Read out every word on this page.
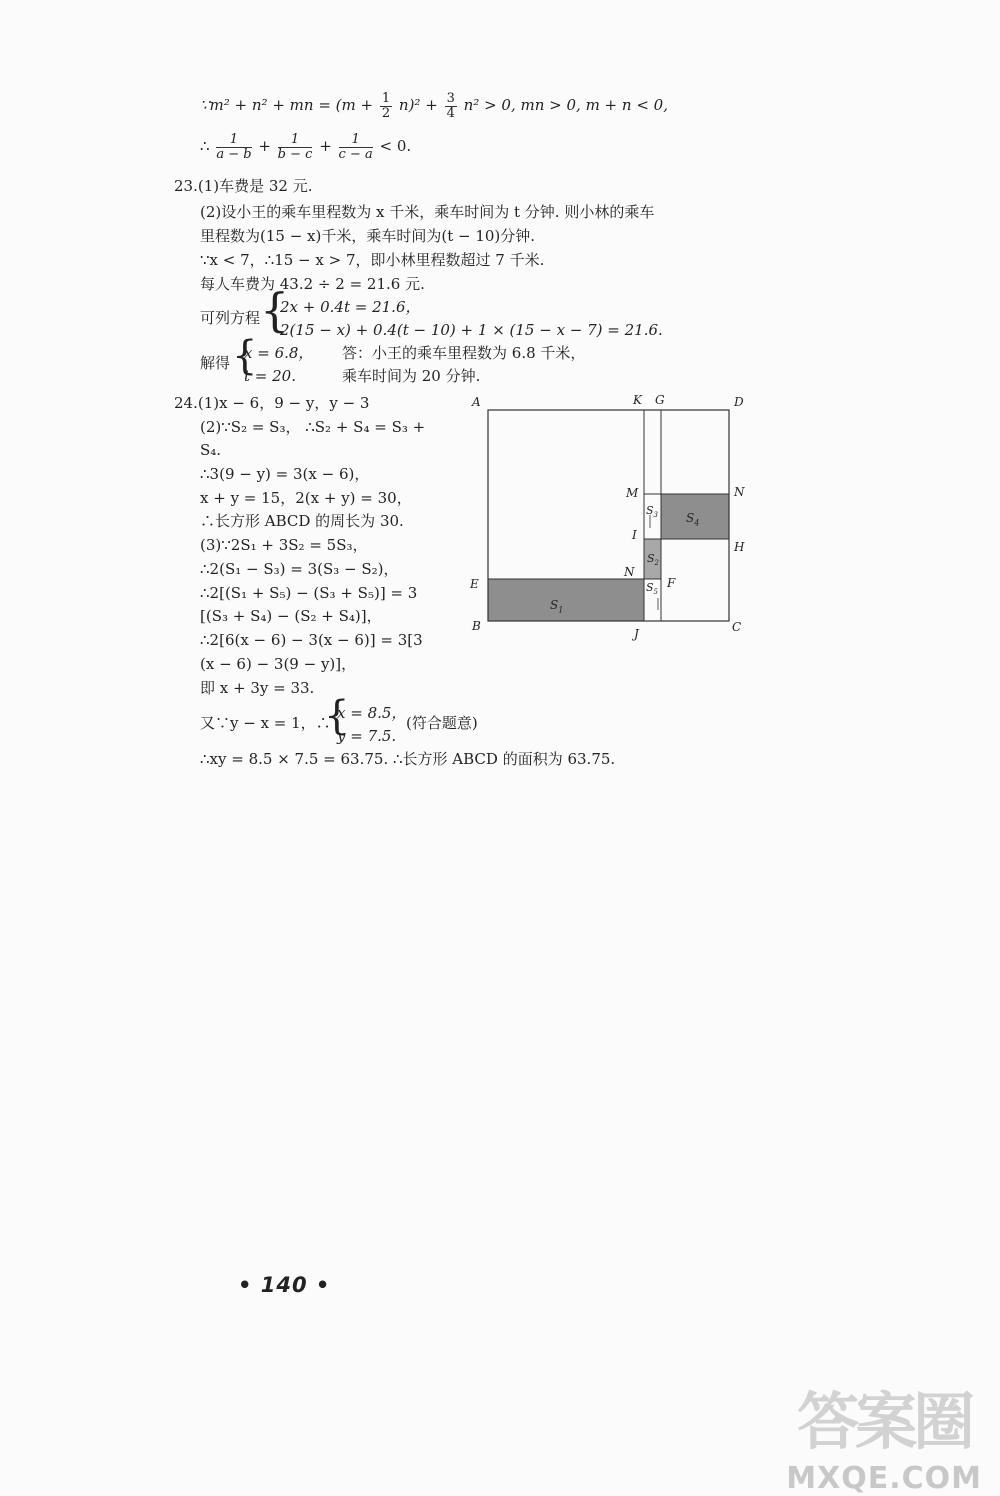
∵m² + n² + mn = $(m + \frac{1}{2} n)^2 + \frac{3}{4} n^2 > 0$, mn > 0, m + n < 0,
∴ $\frac{1}{a - b} + \frac{1}{b - c} + \frac{1}{c - a} < 0$.
23.(1)车费是 32 元.
(2)设小王的乘车里程数为 x 千米，乘车时间为 t 分钟. 则小林的乘车
里程数为(15 − x)千米，乘车时间为(t − 10)分钟.
∵x < 7，∴15 − x > 7，即小林里程数超过 7 千米.
每人车费为 43.2 ÷ 2 = 21.6 元.
可列方程 {
2x + 0.4t = 21.6，
2(15 − x) + 0.4(t − 10) + 1 × (15 − x − 7) = 21.6.
解得 {
x = 6.8，
t = 20.
答：小王的乘车里程数为 6.8 千米，
乘车时间为 20 分钟.
24.(1)x − 6，9 − y，y − 3
(2)∵S₂ = S₃， ∴S₂ + S₄ = S₃ +
S₄.
∴3(9 − y) = 3(x − 6)，
x + y = 15，2(x + y) = 30，
∴长方形 ABCD 的周长为 30.
(3)∵2S₁ + 3S₂ = 5S₃，
∴2(S₁ − S₃) = 3(S₃ − S₂)，
∴2[(S₁ + S₅) − (S₃ + S₅)] = 3
[(S₃ + S₄) − (S₂ + S₄)]，
∴2[6(x − 6) − 3(x − 6)] = 3[3
(x − 6) − 3(9 − y)]，
即 x + 3y = 33.
又∵y − x = 1，∴
{
x = 8.5，
y = 7.5.
(符合题意)
∴xy = 8.5 × 7.5 = 63.75. ∴长方形 ABCD 的面积为 63.75.
A	K G	D
M	N
H
I
N
F
E
B
J	C
$S_4$
$S_3$
$S_2$
$S_5$
$S_1$
• 140 •
答案圈
MXQE.COM
